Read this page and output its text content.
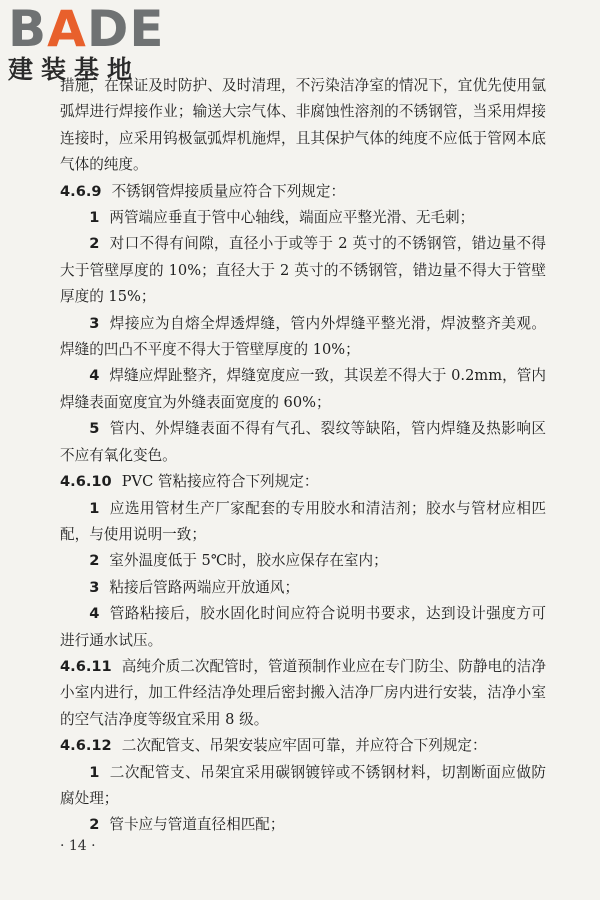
BADE
建装基地

措施，在保证及时防护、及时清理，不污染洁净室的情况下，宜优先使用氩弧焊进行焊接作业；输送大宗气体、非腐蚀性溶剂的不锈钢管，当采用焊接连接时，应采用钨极氩弧焊机施焊，且其保护气体的纯度不应低于管网本底气体的纯度。

4.6.9 不锈钢管焊接质量应符合下列规定：

1 两管端应垂直于管中心轴线，端面应平整光滑、无毛刺；

2 对口不得有间隙，直径小于或等于 2 英寸的不锈钢管，错边量不得大于管壁厚度的 10%；直径大于 2 英寸的不锈钢管，错边量不得大于管壁厚度的 15%；

3 焊接应为自熔全焊透焊缝，管内外焊缝平整光滑，焊波整齐美观。焊缝的凹凸不平度不得大于管壁厚度的 10%；

4 焊缝应焊趾整齐，焊缝宽度应一致，其误差不得大于 0.2mm，管内焊缝表面宽度宜为外缝表面宽度的 60%；

5 管内、外焊缝表面不得有气孔、裂纹等缺陷，管内焊缝及热影响区不应有氧化变色。

4.6.10 PVC 管粘接应符合下列规定：

1 应选用管材生产厂家配套的专用胶水和清洁剂；胶水与管材应相匹配，与使用说明一致；

2 室外温度低于 5℃时，胶水应保存在室内；

3 粘接后管路两端应开放通风；

4 管路粘接后，胶水固化时间应符合说明书要求，达到设计强度方可进行通水试压。

4.6.11 高纯介质二次配管时，管道预制作业应在专门防尘、防静电的洁净小室内进行，加工件经洁净处理后密封搬入洁净厂房内进行安装，洁净小室的空气洁净度等级宜采用 8 级。

4.6.12 二次配管支、吊架安装应牢固可靠，并应符合下列规定：

1 二次配管支、吊架宜采用碳钢镀锌或不锈钢材料，切割断面应做防腐处理；

2 管卡应与管道直径相匹配；

· 14 ·
